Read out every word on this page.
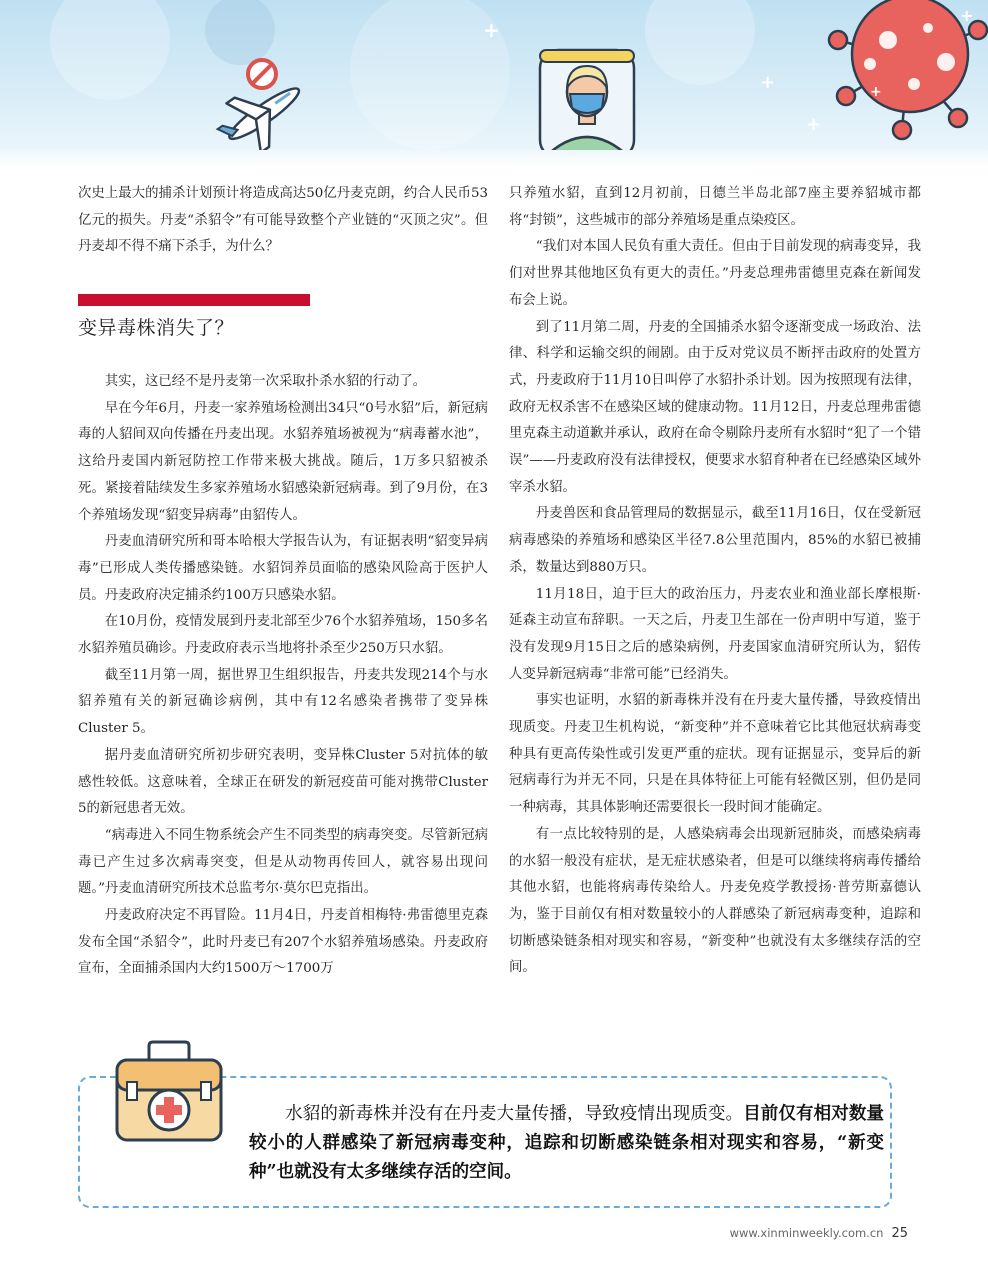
+
+
+
+
+

次史上最大的捕杀计划预计将造成高达50亿丹麦克朗，约合人民币53亿元的损失。丹麦“杀貂令”有可能导致整个产业链的“灭顶之灾”。但丹麦却不得不痛下杀手，为什么？

变异毒株消失了？

其实，这已经不是丹麦第一次采取扑杀水貂的行动了。

早在今年6月，丹麦一家养殖场检测出34只“0号水貂”后，新冠病毒的人貂间双向传播在丹麦出现。水貂养殖场被视为“病毒蓄水池”，这给丹麦国内新冠防控工作带来极大挑战。随后，1万多只貂被杀死。紧接着陆续发生多家养殖场水貂感染新冠病毒。到了9月份，在3个养殖场发现“貂变异病毒”由貂传人。

丹麦血清研究所和哥本哈根大学报告认为，有证据表明“貂变异病毒”已形成人类传播感染链。水貂饲养员面临的感染风险高于医护人员。丹麦政府决定捕杀约100万只感染水貂。

在10月份，疫情发展到丹麦北部至少76个水貂养殖场，150多名水貂养殖员确诊。丹麦政府表示当地将扑杀至少250万只水貂。

截至11月第一周，据世界卫生组织报告，丹麦共发现214个与水貂养殖有关的新冠确诊病例，其中有12名感染者携带了变异株Cluster 5。

据丹麦血清研究所初步研究表明，变异株Cluster 5对抗体的敏感性较低。这意味着，全球正在研发的新冠疫苗可能对携带Cluster 5的新冠患者无效。

“病毒进入不同生物系统会产生不同类型的病毒突变。尽管新冠病毒已产生过多次病毒突变，但是从动物再传回人，就容易出现问题。”丹麦血清研究所技术总监考尔·莫尔巴克指出。

丹麦政府决定不再冒险。11月4日，丹麦首相梅特·弗雷德里克森发布全国“杀貂令”，此时丹麦已有207个水貂养殖场感染。丹麦政府宣布，全面捕杀国内大约1500万～1700万

只养殖水貂，直到12月初前，日德兰半岛北部7座主要养貂城市都将“封锁”，这些城市的部分养殖场是重点染疫区。

“我们对本国人民负有重大责任。但由于目前发现的病毒变异，我们对世界其他地区负有更大的责任。”丹麦总理弗雷德里克森在新闻发布会上说。

到了11月第二周，丹麦的全国捕杀水貂令逐渐变成一场政治、法律、科学和运输交织的闹剧。由于反对党议员不断抨击政府的处置方式，丹麦政府于11月10日叫停了水貂扑杀计划。因为按照现有法律，政府无权杀害不在感染区域的健康动物。11月12日，丹麦总理弗雷德里克森主动道歉并承认，政府在命令剔除丹麦所有水貂时“犯了一个错误”——丹麦政府没有法律授权，便要求水貂育种者在已经感染区域外宰杀水貂。

丹麦兽医和食品管理局的数据显示，截至11月16日，仅在受新冠病毒感染的养殖场和感染区半径7.8公里范围内，85%的水貂已被捕杀，数量达到880万只。

11月18日，迫于巨大的政治压力，丹麦农业和渔业部长摩根斯·延森主动宣布辞职。一天之后，丹麦卫生部在一份声明中写道，鉴于没有发现9月15日之后的感染病例，丹麦国家血清研究所认为，貂传人变异新冠病毒“非常可能”已经消失。

事实也证明，水貂的新毒株并没有在丹麦大量传播，导致疫情出现质变。丹麦卫生机构说，“新变种”并不意味着它比其他冠状病毒变种具有更高传染性或引发更严重的症状。现有证据显示，变异后的新冠病毒行为并无不同，只是在具体特征上可能有轻微区别，但仍是同一种病毒，其具体影响还需要很长一段时间才能确定。

有一点比较特别的是，人感染病毒会出现新冠肺炎，而感染病毒的水貂一般没有症状，是无症状感染者，但是可以继续将病毒传播给其他水貂，也能将病毒传染给人。丹麦免疫学教授扬·普劳斯嘉德认为，鉴于目前仅有相对数量较小的人群感染了新冠病毒变种，追踪和切断感染链条相对现实和容易，“新变种”也就没有太多继续存活的空间。

水貂的新毒株并没有在丹麦大量传播，导致疫情出现质变。目前仅有相对数量较小的人群感染了新冠病毒变种，追踪和切断感染链条相对现实和容易，“新变种”也就没有太多继续存活的空间。
www.xinminweekly.com.cn 25
